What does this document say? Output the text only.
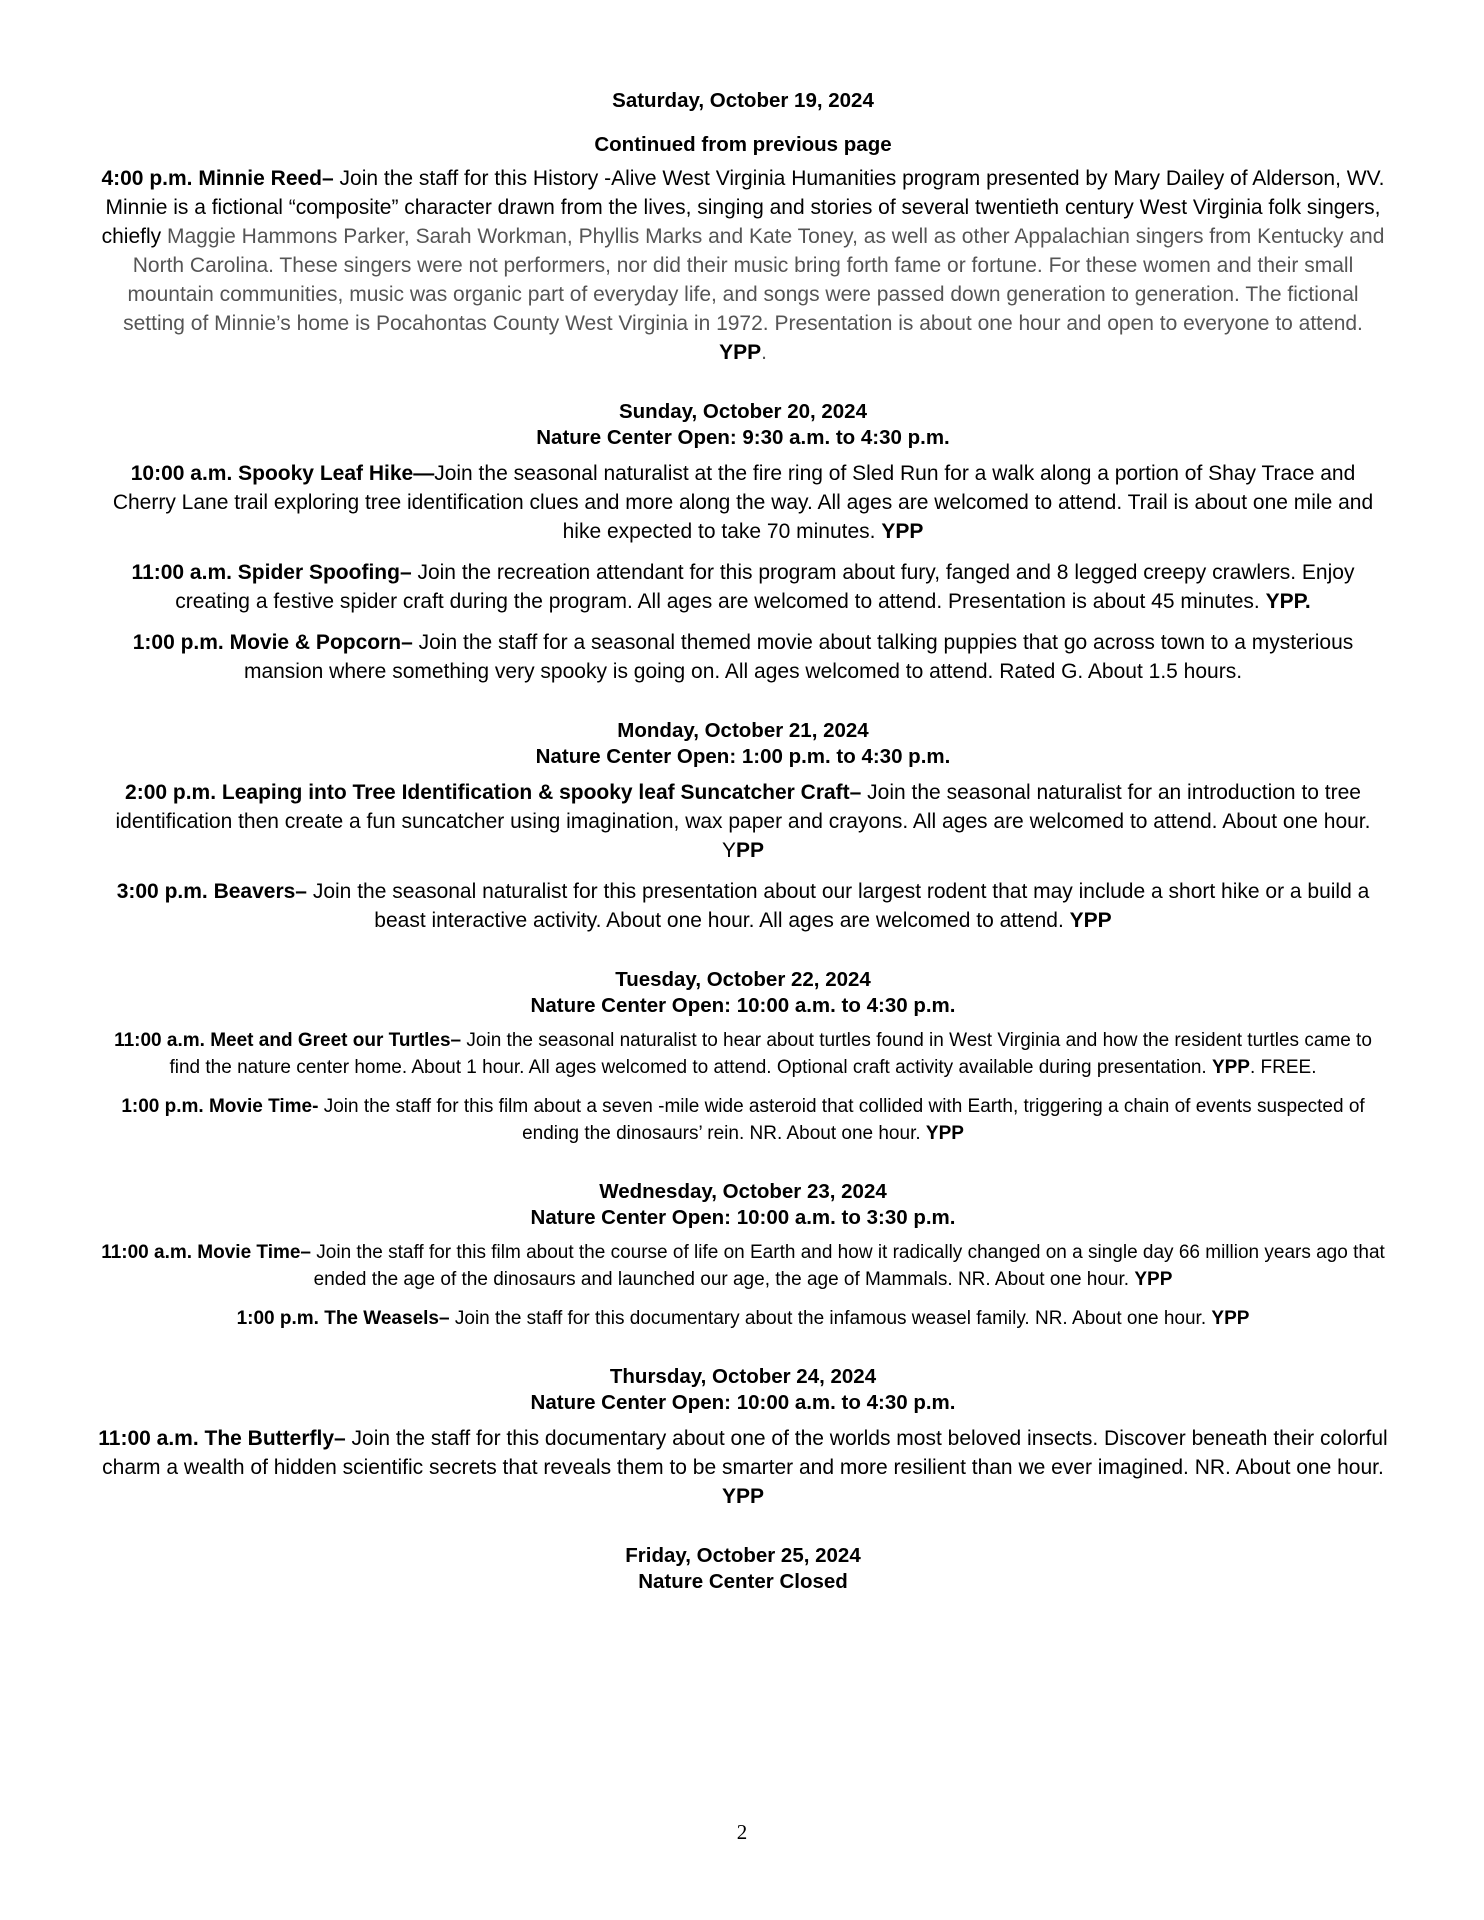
Saturday, October 19, 2024
Continued from previous page

4:00 p.m. Minnie Reed– Join the staff for this History -Alive West Virginia Humanities program presented by Mary Dailey of Alderson, WV. Minnie is a fictional “composite” character drawn from the lives, singing and stories of several twentieth century West Virginia folk singers, chiefly Maggie Hammons Parker, Sarah Workman, Phyllis Marks and Kate Toney, as well as other Appalachian singers from Kentucky and North Carolina. These singers were not performers, nor did their music bring forth fame or fortune. For these women and their small mountain communities, music was organic part of everyday life, and songs were passed down generation to generation. The fictional setting of Minnie’s home is Pocahontas County West Virginia in 1972. Presentation is about one hour and open to everyone to attend. YPP.

Sunday, October 20, 2024
Nature Center Open: 9:30 a.m. to 4:30 p.m.

10:00 a.m. Spooky Leaf Hike—Join the seasonal naturalist at the fire ring of Sled Run for a walk along a portion of Shay Trace and Cherry Lane trail exploring tree identification clues and more along the way. All ages are welcomed to attend. Trail is about one mile and hike expected to take 70 minutes. YPP

11:00 a.m. Spider Spoofing– Join the recreation attendant for this program about fury, fanged and 8 legged creepy crawlers. Enjoy creating a festive spider craft during the program. All ages are welcomed to attend. Presentation is about 45 minutes. YPP.

1:00 p.m. Movie & Popcorn– Join the staff for a seasonal themed movie about talking puppies that go across town to a mysterious mansion where something very spooky is going on. All ages welcomed to attend. Rated G. About 1.5 hours.

Monday, October 21, 2024
Nature Center Open: 1:00 p.m. to 4:30 p.m.

2:00 p.m. Leaping into Tree Identification & spooky leaf Suncatcher Craft– Join the seasonal naturalist for an introduction to tree identification then create a fun suncatcher using imagination, wax paper and crayons. All ages are welcomed to attend. About one hour. YPP

3:00 p.m. Beavers– Join the seasonal naturalist for this presentation about our largest rodent that may include a short hike or a build a beast interactive activity. About one hour. All ages are welcomed to attend. YPP

Tuesday, October 22, 2024
Nature Center Open: 10:00 a.m. to 4:30 p.m.

11:00 a.m. Meet and Greet our Turtles– Join the seasonal naturalist to hear about turtles found in West Virginia and how the resident turtles came to find the nature center home. About 1 hour. All ages welcomed to attend. Optional craft activity available during presentation. YPP. FREE.

1:00 p.m. Movie Time- Join the staff for this film about a seven -mile wide asteroid that collided with Earth, triggering a chain of events suspected of ending the dinosaurs’ rein. NR. About one hour. YPP

Wednesday, October 23, 2024
Nature Center Open: 10:00 a.m. to 3:30 p.m.

11:00 a.m. Movie Time– Join the staff for this film about the course of life on Earth and how it radically changed on a single day 66 million years ago that ended the age of the dinosaurs and launched our age, the age of Mammals. NR. About one hour. YPP

1:00 p.m. The Weasels– Join the staff for this documentary about the infamous weasel family. NR. About one hour. YPP

Thursday, October 24, 2024
Nature Center Open: 10:00 a.m. to 4:30 p.m.

11:00 a.m. The Butterfly– Join the staff for this documentary about one of the worlds most beloved insects. Discover beneath their colorful charm a wealth of hidden scientific secrets that reveals them to be smarter and more resilient than we ever imagined. NR. About one hour. YPP

Friday, October 25, 2024
Nature Center Closed
2
